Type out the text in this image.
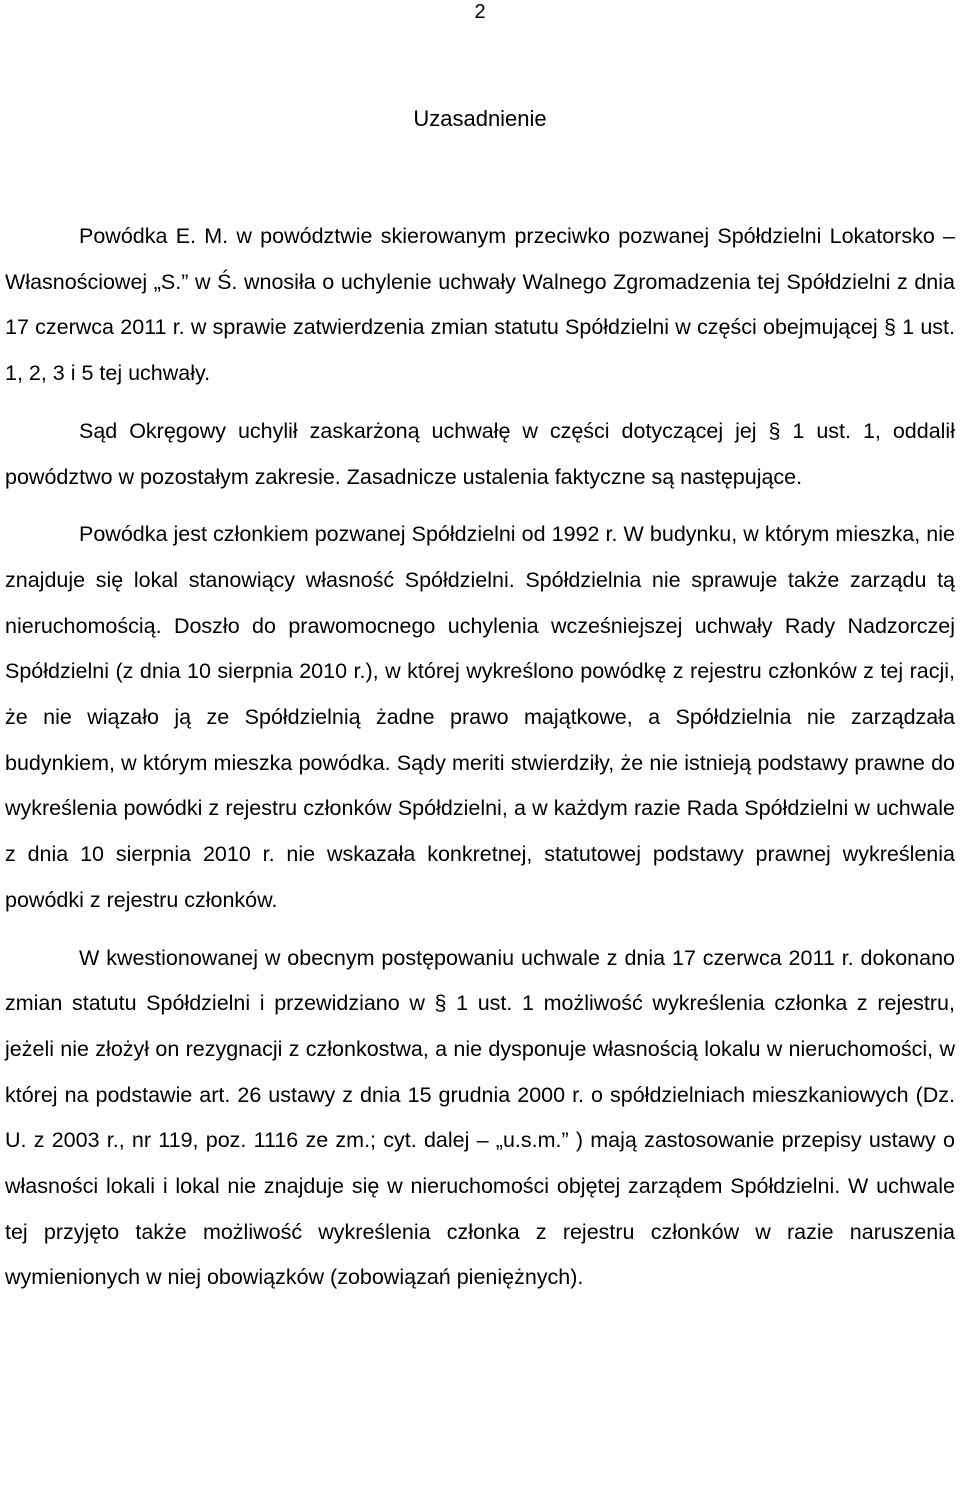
2
Uzasadnienie

Powódka E. M. w powództwie skierowanym przeciwko pozwanej Spółdzielni Lokatorsko – Własnościowej „S.” w Ś. wnosiła o uchylenie uchwały Walnego Zgromadzenia tej Spółdzielni z dnia 17 czerwca 2011 r. w sprawie zatwierdzenia zmian statutu Spółdzielni w części obejmującej § 1 ust. 1, 2, 3 i 5 tej uchwały.

Sąd Okręgowy uchylił zaskarżoną uchwałę w części dotyczącej jej § 1 ust. 1, oddalił powództwo w pozostałym zakresie. Zasadnicze ustalenia faktyczne są następujące.

Powódka jest członkiem pozwanej Spółdzielni od 1992 r. W budynku, w którym mieszka, nie znajduje się lokal stanowiący własność Spółdzielni. Spółdzielnia nie sprawuje także zarządu tą nieruchomością. Doszło do prawomocnego uchylenia wcześniejszej uchwały Rady Nadzorczej Spółdzielni (z dnia 10 sierpnia 2010 r.), w której wykreślono powódkę z rejestru członków z tej racji, że nie wiązało ją ze Spółdzielnią żadne prawo majątkowe, a Spółdzielnia nie zarządzała budynkiem, w którym mieszka powódka. Sądy meriti stwierdziły, że nie istnieją podstawy prawne do wykreślenia powódki z rejestru członków Spółdzielni, a w każdym razie Rada Spółdzielni w uchwale z dnia 10 sierpnia 2010 r. nie wskazała konkretnej, statutowej podstawy prawnej wykreślenia powódki z rejestru członków.

W kwestionowanej w obecnym postępowaniu uchwale z dnia 17 czerwca 2011 r. dokonano zmian statutu Spółdzielni i przewidziano w § 1 ust. 1 możliwość wykreślenia członka z rejestru, jeżeli nie złożył on rezygnacji z członkostwa, a nie dysponuje własnością lokalu w nieruchomości, w której na podstawie art. 26 ustawy z dnia 15 grudnia 2000 r. o spółdzielniach mieszkaniowych (Dz. U. z 2003 r., nr 119, poz. 1116 ze zm.; cyt. dalej – „u.s.m.” ) mają zastosowanie przepisy ustawy o własności lokali i lokal nie znajduje się w nieruchomości objętej zarządem Spółdzielni. W uchwale tej przyjęto także możliwość wykreślenia członka z rejestru członków w razie naruszenia wymienionych w niej obowiązków (zobowiązań pieniężnych).
